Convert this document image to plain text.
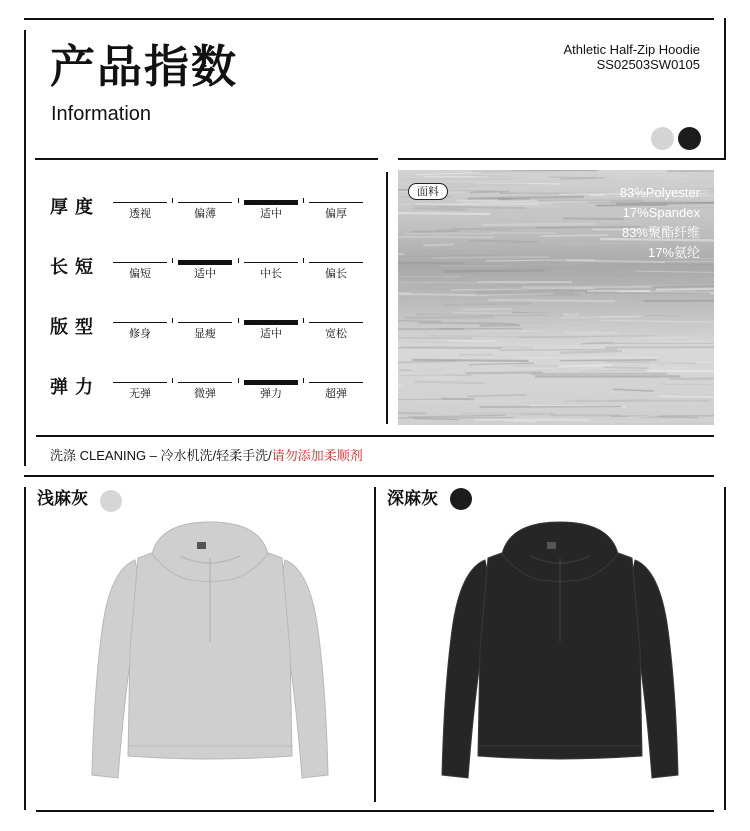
产品指数
Information
Athletic Half-Zip Hoodie
SS02503SW0105
厚度	透视	偏薄	适中	偏厚
长短	偏短	适中	中长	偏长
版型	修身	显瘦	适中	宽松
弹力	无弹	微弹	弹力	超弹
面料	83%Polyester
17%Spandex
83%聚酯纤维
17%氨纶
洗涤 CLEANING – 冷水机洗/轻柔手洗/请勿添加柔顺剂
浅麻灰	深麻灰
